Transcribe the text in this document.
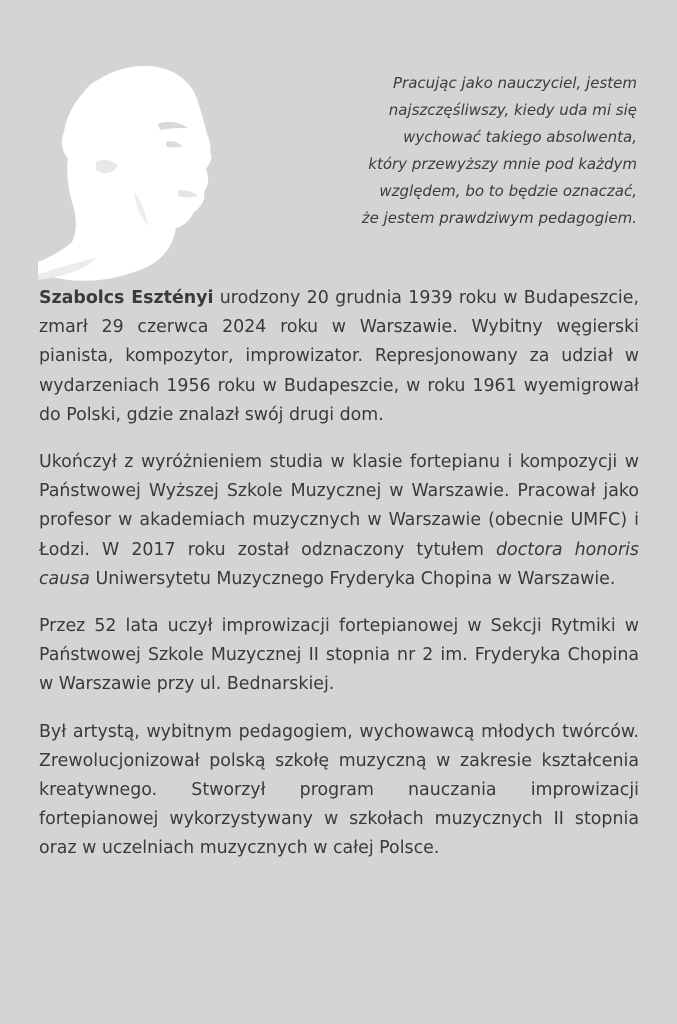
Pracując jako nauczyciel, jestem
najszczęśliwszy, kiedy uda mi się
wychować takiego absolwenta,
który przewyższy mnie pod każdym
względem, bo to będzie oznaczać,
że jestem prawdziwym pedagogiem.

Szabolcs Esztényi urodzony 20 grudnia 1939 roku w Budapeszcie, zmarł 29 czerwca 2024 roku w Warszawie. Wybitny węgierski pianista, kompozytor, improwizator. Represjonowany za udział w wydarzeniach 1956 roku w Budapeszcie, w roku 1961 wyemigrował do Polski, gdzie znalazł swój drugi dom.

Ukończył z wyróżnieniem studia w klasie fortepianu i kompozycji w Państwowej Wyższej Szkole Muzycznej w Warszawie. Pracował jako profesor w akademiach muzycznych w Warszawie (obecnie UMFC) i Łodzi. W 2017 roku został odznaczony tytułem doctora honoris causa Uniwersytetu Muzycznego Fryderyka Chopina w Warszawie.

Przez 52 lata uczył improwizacji fortepianowej w Sekcji Rytmiki w Państwowej Szkole Muzycznej II stopnia nr 2 im. Fryderyka Chopina w Warszawie przy ul. Bednarskiej.

Był artystą, wybitnym pedagogiem, wychowawcą młodych twórców. Zrewolucjonizował polską szkołę muzyczną w zakresie kształcenia kreatywnego. Stworzył program nauczania improwizacji fortepianowej wykorzystywany w szkołach muzycznych II stopnia oraz w uczelniach muzycznych w całej Polsce.
